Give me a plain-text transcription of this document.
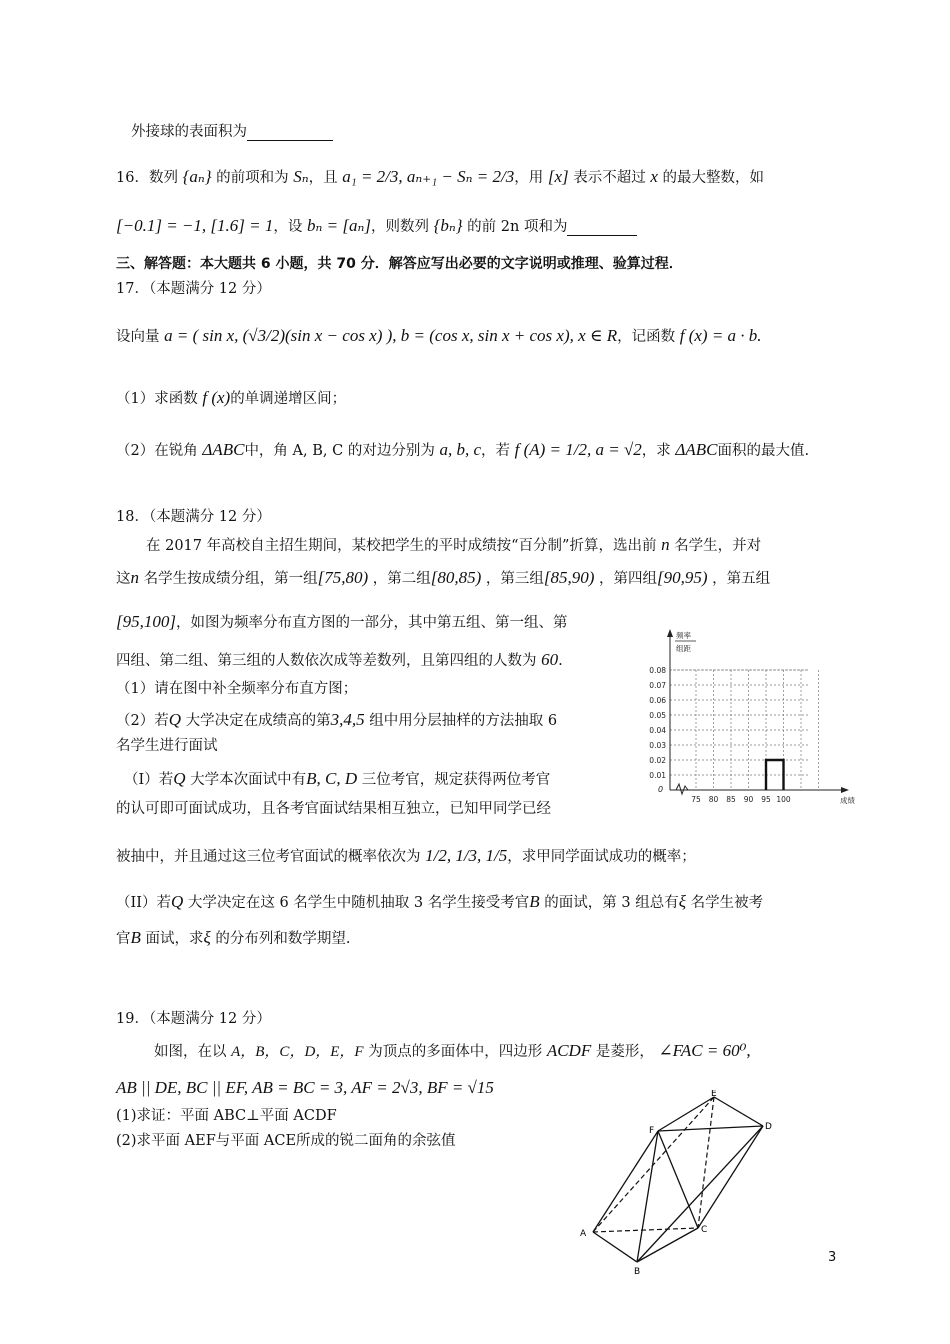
外接球的表面积为
16．数列 {aₙ} 的前项和为 Sₙ，且 a₁ = 2/3, aₙ₊₁ − Sₙ = 2/3，用 [x] 表示不超过 x 的最大整数，如
[−0.1] = −1, [1.6] = 1，设 bₙ = [aₙ]，则数列 {bₙ} 的前 2n 项和为
三、解答题：本大题共 6 小题，共 70 分．解答应写出必要的文字说明或推理、验算过程．
17．（本题满分 12 分）
设向量 a = ( sin x, (√3/2)(sin x − cos x) ), b = (cos x, sin x + cos x), x ∈ R，记函数 f (x) = a · b.
（1）求函数 f (x)的单调递增区间；
（2）在锐角 ΔABC中，角 A, B, C 的对边分别为 a, b, c，若 f (A) = 1/2, a = √2，求 ΔABC面积的最大值.
18．（本题满分 12 分）
在 2017 年高校自主招生期间，某校把学生的平时成绩按“百分制”折算，选出前 n 名学生，并对
这n 名学生按成绩分组，第一组[75,80) ，第二组[80,85) ，第三组[85,90) ，第四组[90,95) ，第五组
[95,100]，如图为频率分布直方图的一部分，其中第五组、第一组、第
四组、第二组、第三组的人数依次成等差数列，且第四组的人数为 60.
（1）请在图中补全频率分布直方图；
（2）若Q 大学决定在成绩高的第3,4,5 组中用分层抽样的方法抽取 6
名学生进行面试
（I）若Q 大学本次面试中有B, C, D 三位考官，规定获得两位考官
的认可即可面试成功，且各考官面试结果相互独立，已知甲同学已经
被抽中，并且通过这三位考官面试的概率依次为 1/2, 1/3, 1/5，求甲同学面试成功的概率；
（II）若Q 大学决定在这 6 名学生中随机抽取 3 名学生接受考官B 的面试，第 3 组总有ξ 名学生被考
官B 面试，求ξ 的分布列和数学期望.
0.08
0.07
0.06
0.05
0.04
0.03
0.02
0.01
75 80 85 90 95 100
0
频率
组距
成绩
19．（本题满分 12 分）
如图，在以 A，B，C，D，E，F 为顶点的多面体中，四边形 ACDF 是菱形， ∠FAC = 60⁰,
AB || DE, BC || EF, AB = BC = 3, AF = 2√3, BF = √15
(1)求证：平面 ABC⊥平面 ACDF
(2)求平面 AEF与平面 ACE所成的锐二面角的余弦值
E
F	D
A	C
B
3
